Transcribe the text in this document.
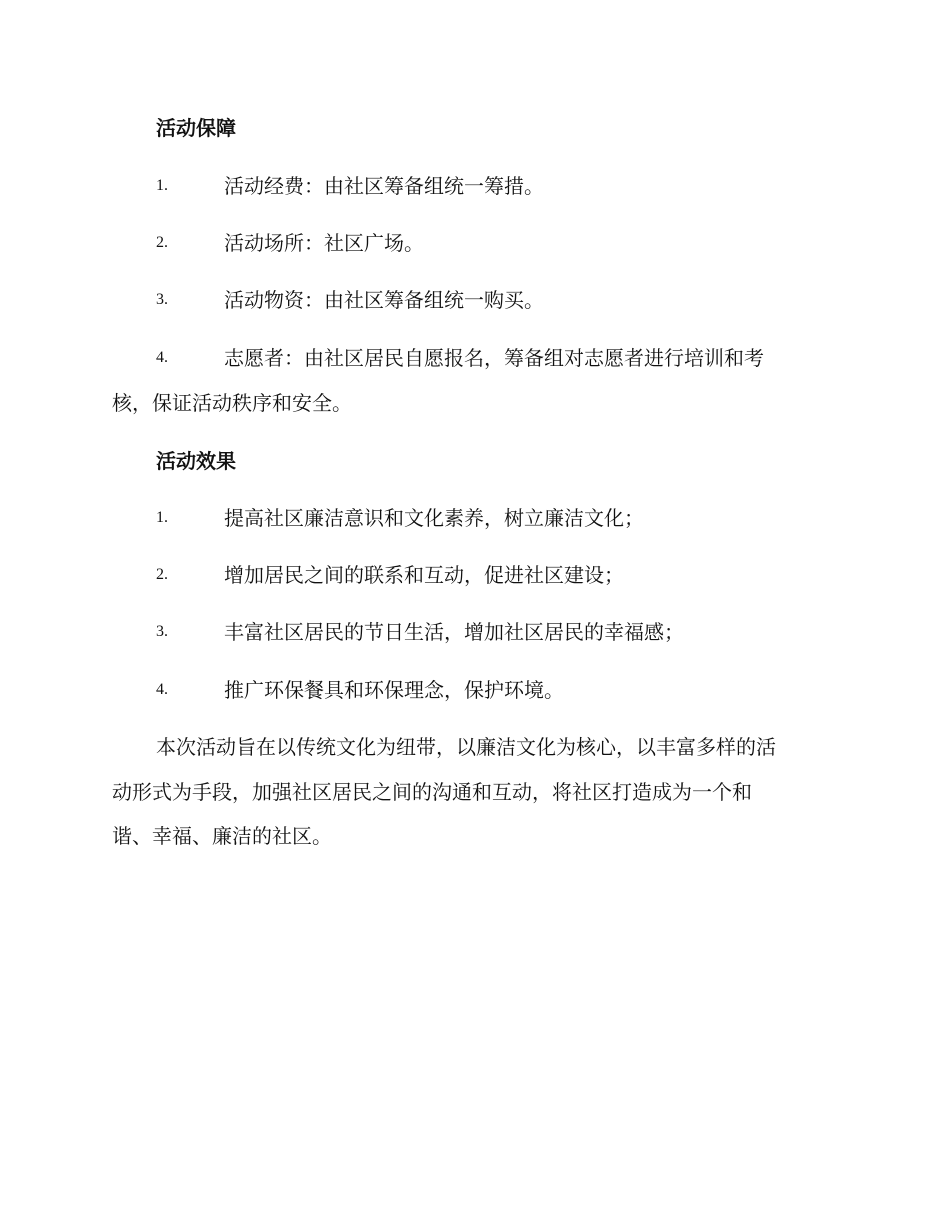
活动保障
1.	活动经费：由社区筹备组统一筹措。
2.	活动场所：社区广场。
3.	活动物资：由社区筹备组统一购买。
4.	志愿者：由社区居民自愿报名，筹备组对志愿者进行培训和考
核，保证活动秩序和安全。
活动效果
1.	提高社区廉洁意识和文化素养，树立廉洁文化；
2.	增加居民之间的联系和互动，促进社区建设；
3.	丰富社区居民的节日生活，增加社区居民的幸福感；
4.	推广环保餐具和环保理念，保护环境。
本次活动旨在以传统文化为纽带，以廉洁文化为核心，以丰富多样的活
动形式为手段，加强社区居民之间的沟通和互动，将社区打造成为一个和
谐、幸福、廉洁的社区。
